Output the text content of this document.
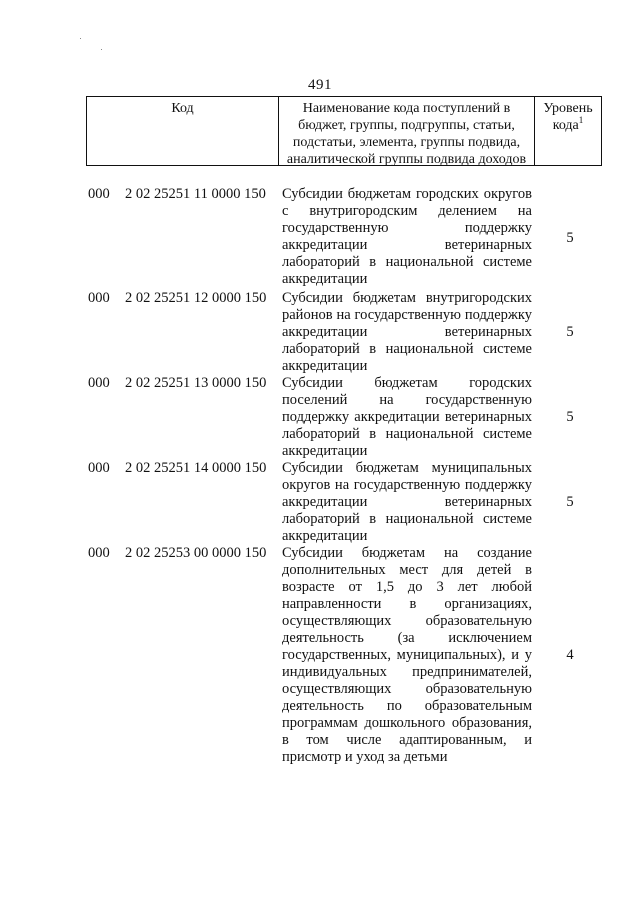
491
Код	Наименование кода поступлений в бюджет, группы, подгруппы, статьи, подстатьи, элемента, группы подвида, аналитической группы подвида доходов
Уровень кода$^1$
000 2 02 25251 11 0000 150 Субсидии бюджетам городских округов с внутригородским делением на государственную поддержку аккредитации ветеринарных лабораторий в национальной системе аккредитации
5
000 2 02 25251 12 0000 150 Субсидии бюджетам внутригородских районов на государственную поддержку аккредитации ветеринарных лабораторий в национальной системе аккредитации
5
000 2 02 25251 13 0000 150 Субсидии бюджетам городских поселений на государственную поддержку аккредитации ветеринарных лабораторий в национальной системе аккредитации
5
000 2 02 25251 14 0000 150 Субсидии бюджетам муниципальных округов на государственную поддержку аккредитации ветеринарных лабораторий в национальной системе аккредитации
5
000 2 02 25253 00 0000 150 Субсидии бюджетам на создание дополнительных мест для детей в возрасте от 1,5 до 3 лет любой направленности в организациях, осуществляющих образовательную деятельность (за исключением государственных, муниципальных), и у индивидуальных предпринимателей, осуществляющих образовательную деятельность по образовательным программам дошкольного образования, в том числе адаптированным, и присмотр и уход за детьми
4
